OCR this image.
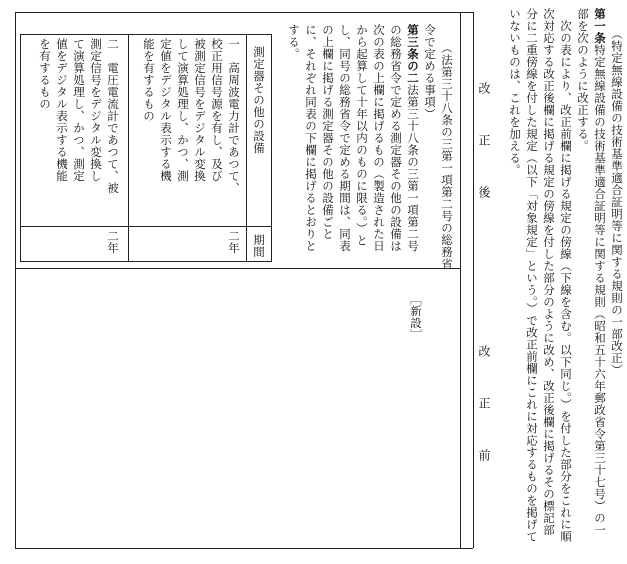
（特定無線設備の技術基準適合証明等に関する規則の一部改正）
第一条特定無線設備の技術基準適合証明等に関する規則（昭和五十六年郵政省令第三十七号）の一
部を次のように改正する。
　次の表により、改正前欄に掲げる規定の傍線（下線を含む。以下同じ。）を付した部分をこれに順
次対応する改正後欄に掲げる規定の傍線を付した部分のように改め、改正後欄に掲げるその標記部
分に二重傍線を付した規定（以下「対象規定」という。）で改正前欄にこれに対応するものを掲げて
いないものは、これを加える。
改　正　後
改　正　前
（法第三十八条の三第一項第二号の総務省
令で定める事項）
第三条の二法第三十八条の三第一項第二号
の総務省令で定める測定器その他の設備は
次の表の上欄に掲げるもの（製造された日
から起算して十年以内のものに限る。）と
し、同号の総務省令で定める期間は、同表
の上欄に掲げる測定器その他の設備ごと
に、それぞれ同表の下欄に掲げるとおりと
する。
［新設］
測定器その他の設備
期間
一　高周波電力計であつて、
校正用信号源を有し、及び
被測定信号をデジタル変換
して演算処理し、かつ、測
定値をデジタル表示する機
能を有するもの
二年
二　電圧電流計であつて、被
測定信号をデジタル変換し
て演算処理し、かつ、測定
値をデジタル表示する機能
を有するもの
二年
